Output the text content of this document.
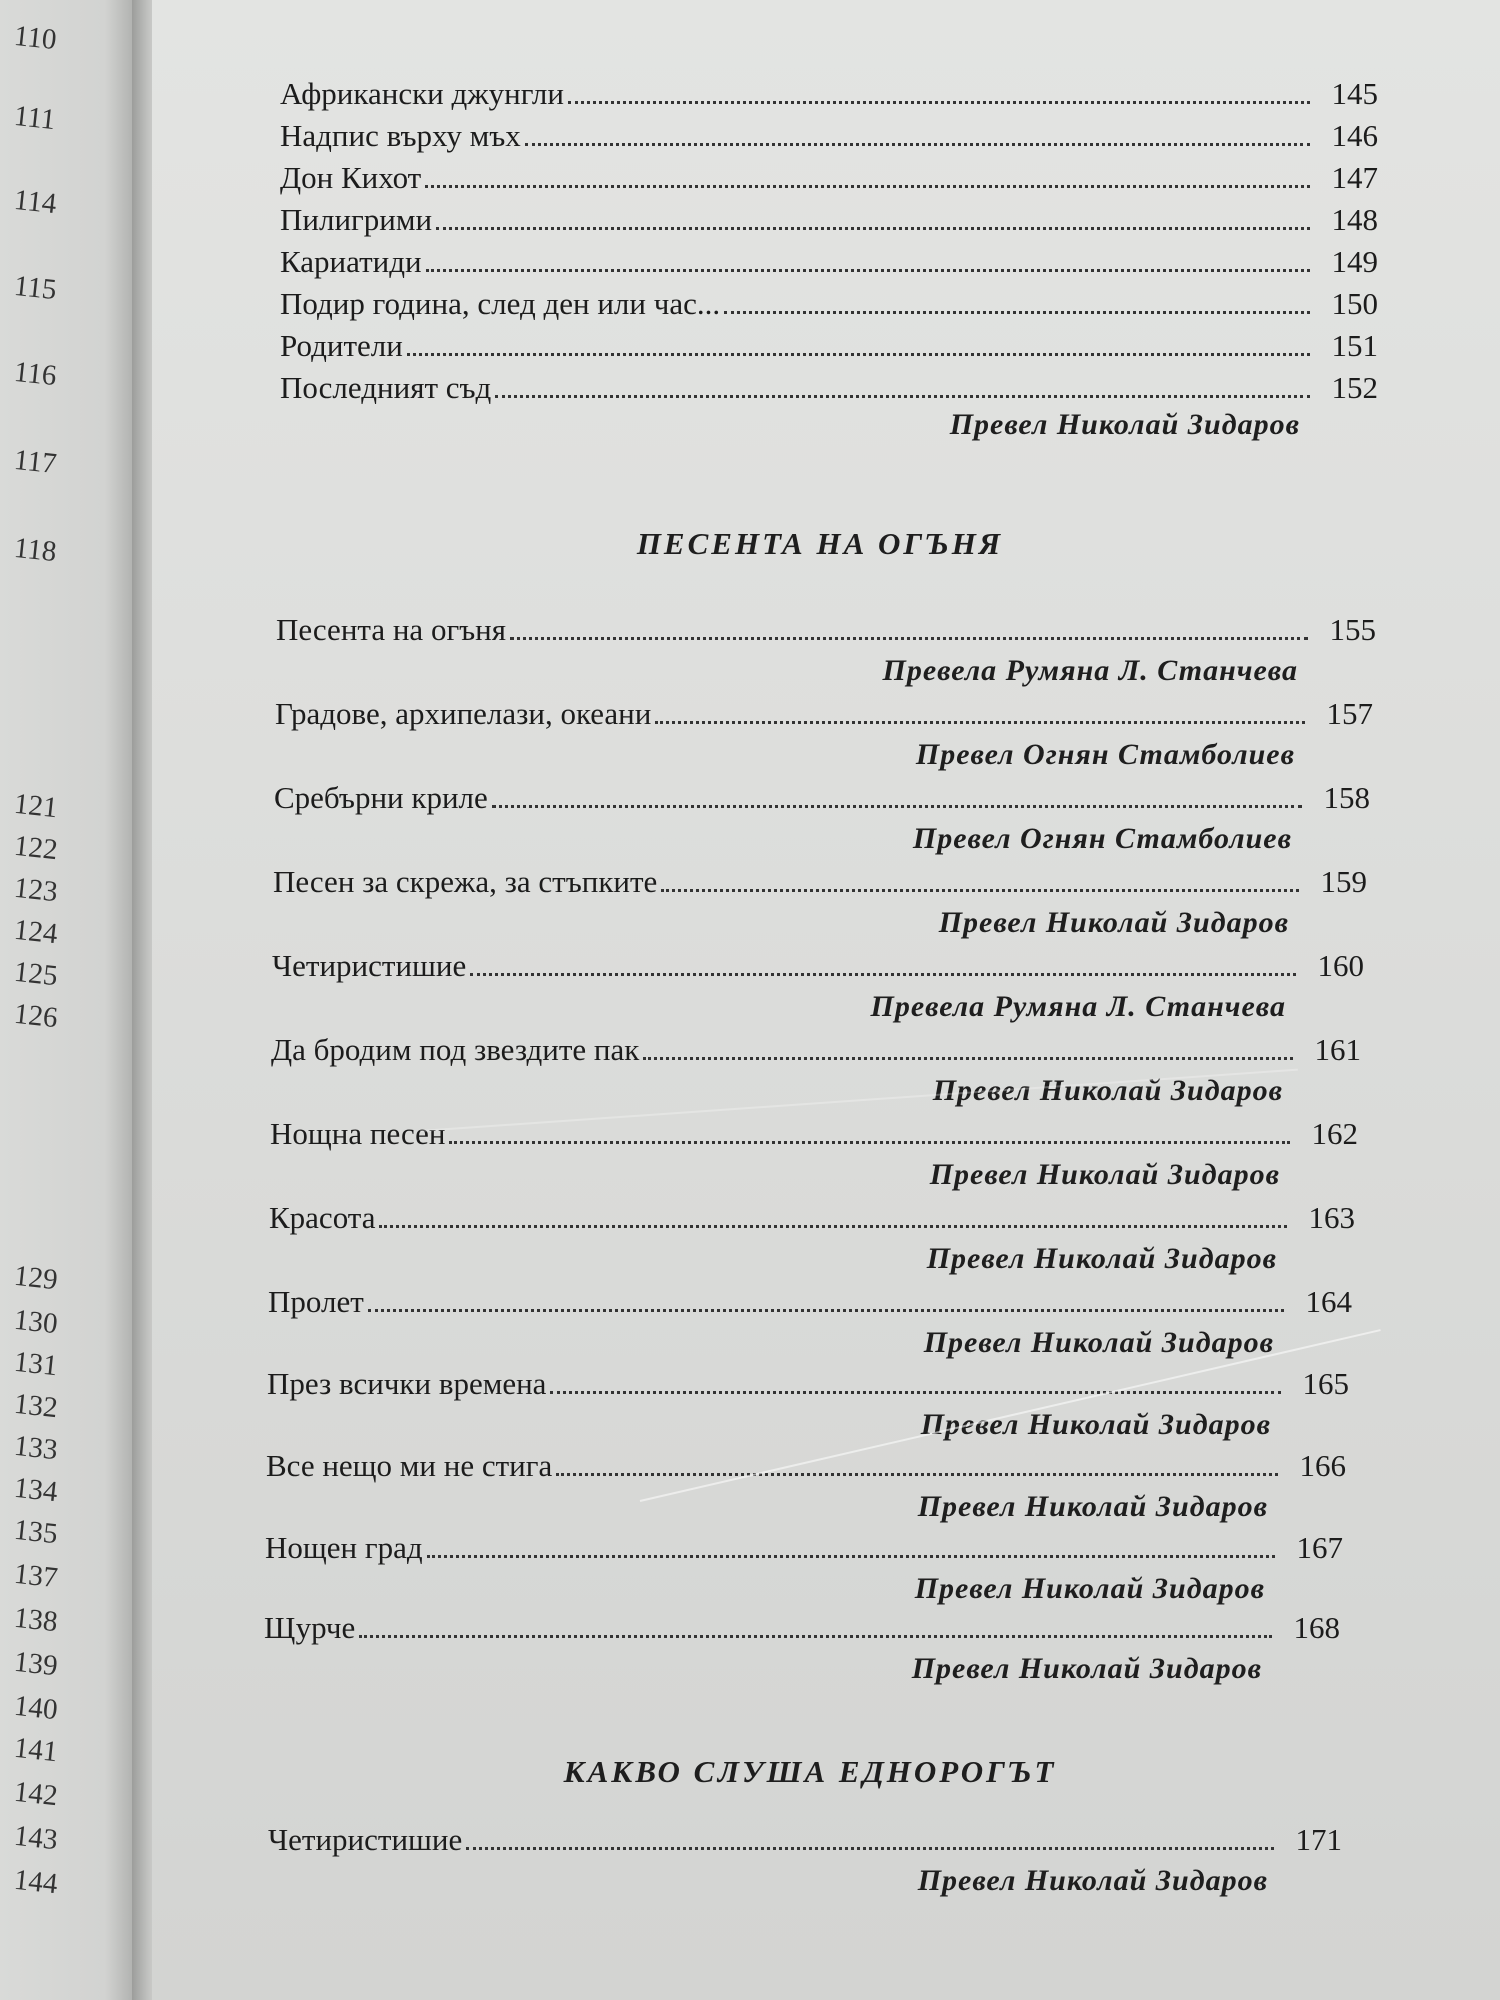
110
111
114
115
116
117
118
121
122
123
124
125
126
129
130
131
132
133
134
135
137
138
139
140
141
142
143
144
ПЕСЕНТА НА ОГЪНЯ
КАКВО СЛУША ЕДНОРОГЪТ
Африкански джунгли	145
Надпис върху мъх	146
Дон Кихот	147
Пилигрими	148
Кариатиди	149
Подир година, след ден или час...	150
Родители	151
Последният съд	152
Превел Николай Зидаров
Песента на огъня	155
Превела Румяна Л. Станчева
Градове, архипелази, океани	157
Превел Огнян Стамболиев
Сребърни криле	158
Превел Огнян Стамболиев
Песен за скрежа, за стъпките	159
Превел Николай Зидаров
Четиристишие	160
Превела Румяна Л. Станчева
Да бродим под звездите пак	161
Превел Николай Зидаров
Нощна песен	162
Превел Николай Зидаров
Красота	163
Превел Николай Зидаров
Пролет	164
Превел Николай Зидаров
През всички времена	165
Превел Николай Зидаров
Все нещо ми не стига	166
Превел Николай Зидаров
Нощен град	167
Превел Николай Зидаров
Щурче	168
Превел Николай Зидаров
Четиристишие	171
Превел Николай Зидаров
